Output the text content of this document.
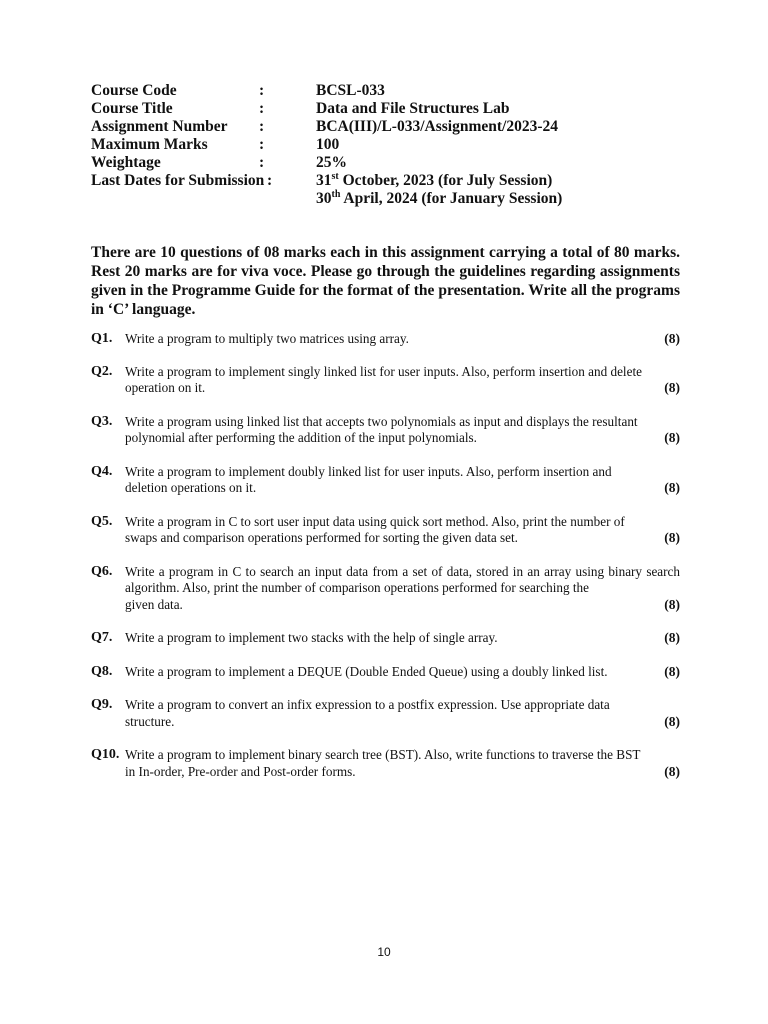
Course Code	:	BCSL-033
Course Title	:	Data and File Structures Lab
Assignment Number	:	BCA(III)/L-033/Assignment/2023-24
Maximum Marks	:	100
Weightage	:	25%
Last Dates for Submission :	31st October, 2023 (for July Session)
30th April, 2024 (for January Session)
There are 10 questions of 08 marks each in this assignment carrying a total of 80 marks. Rest 20 marks are for viva voce. Please go through the guidelines regarding assignments given in the Programme Guide for the format of the presentation. Write all the programs in ‘C’ language.
Q1. Write a program to multiply two matrices using array.	(8)
Q2. Write a program to implement singly linked list for user inputs. Also, perform insertion and delete
operation on it.	(8)
Q3. Write a program using linked list that accepts two polynomials as input and displays the resultant
polynomial after performing the addition of the input polynomials.	(8)
Q4. Write a program to implement doubly linked list for user inputs. Also, perform insertion and
deletion operations on it.	(8)
Q5. Write a program in C to sort user input data using quick sort method. Also, print the number of
swaps and comparison operations performed for sorting the given data set.	(8)
Q6. Write a program in C to search an input data from a set of data, stored in an array using binary search algorithm. Also, print the number of comparison operations performed for searching the
given data.	(8)
Q7. Write a program to implement two stacks with the help of single array.	(8)
Q8. Write a program to implement a DEQUE (Double Ended Queue) using a doubly linked list.	(8)
Q9. Write a program to convert an infix expression to a postfix expression. Use appropriate data
structure.	(8)
Q10. Write a program to implement binary search tree (BST). Also, write functions to traverse the BST
in In-order, Pre-order and Post-order forms.	(8)
10
